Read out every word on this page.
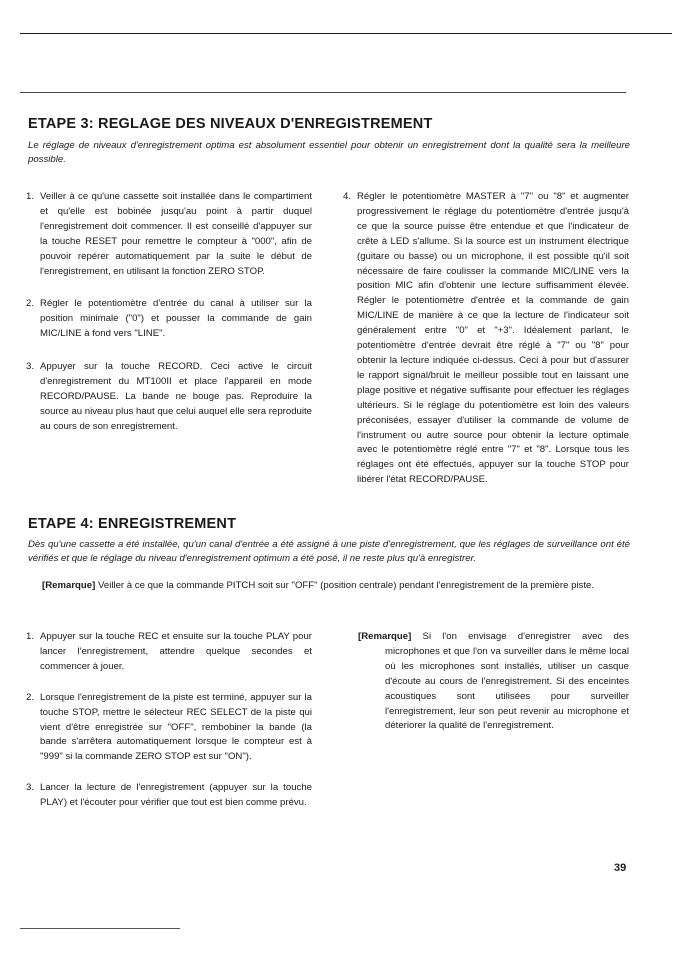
ETAPE 3: REGLAGE DES NIVEAUX D'ENREGISTREMENT

Le réglage de niveaux d'enregistrement optima est absolument essentiel pour obtenir un enregistrement dont la qualité sera la meilleure possible.

1. Veiller à ce qu'une cassette soit installée dans le compartiment et qu'elle est bobinée jusqu'au point à partir duquel l'enregistrement doit commencer. Il est conseillé d'appuyer sur la touche RESET pour remettre le compteur à "000", afin de pouvoir repérer automatiquement par la suite le début de l'enregistrement, en utilisant la fonction ZERO STOP.
2. Régler le potentiomètre d'entrée du canal à utiliser sur la position minimale ("0") et pousser la commande de gain MIC/LINE à fond vers "LINE".
3. Appuyer sur la touche RECORD. Ceci active le circuit d'enregistrement du MT100II et place l'appareil en mode RECORD/PAUSE. La bande ne bouge pas. Reproduire la source au niveau plus haut que celui auquel elle sera reproduite au cours de son enregistrement.
4. Régler le potentiomètre MASTER à "7" ou "8" et augmenter progressivement le réglage du potentiomètre d'entrée jusqu'à ce que la source puisse être entendue et que l'indicateur de crête à LED s'allume. Si la source est un instrument électrique (guitare ou basse) ou un microphone, il est possible qu'il soit nécessaire de faire coulisser la commande MIC/LINE vers la position MIC afin d'obtenir une lecture suffisamment élevée. Régler le potentiomètre d'entrée et la commande de gain MIC/LINE de manière à ce que la lecture de l'indicateur soit généralement entre "0" et "+3". Idéalement parlant, le potentiomètre d'entrée devrait être réglé à "7" ou "8" pour obtenir la lecture indiquée ci-dessus. Ceci à pour but d'assurer le rapport signal/bruit le meilleur possible tout en laissant une plage positive et négative suffisante pour effectuer les réglages ultérieurs. Si le réglage du potentiomètre est loin des valeurs préconisées, essayer d'utiliser la commande de volume de l'instrument ou autre source pour obtenir la lecture optimale avec le potentiomètre réglé entre "7" et "8". Lorsque tous les réglages ont été effectués, appuyer sur la touche STOP pour libérer l'état RECORD/PAUSE.
ETAPE 4: ENREGISTREMENT

Dès qu'une cassette a été installée, qu'un canal d'entrée a été assigné à une piste d'enregistrement, que les réglages de surveillance ont été vérifiés et que le réglage du niveau d'enregistrement optimum a été posé, il ne reste plus qu'à enregistrer.

[Remarque] Veiller à ce que la commande PITCH soit sur "OFF" (position centrale) pendant l'enregistrement de la première piste.

1. Appuyer sur la touche REC et ensuite sur la touche PLAY pour lancer l'enregistrement, attendre quelque secondes et commencer à jouer.
2. Lorsque l'enregistrement de la piste est terminé, appuyer sur la touche STOP, mettre le sélecteur REC SELECT de la piste qui vient d'être enregistrée sur "OFF", rembobiner la bande (la bande s'arrêtera automatiquement lorsque le compteur est à "999" si la commande ZERO STOP est sur "ON").
3. Lancer la lecture de l'enregistrement (appuyer sur la touche PLAY) et l'écouter pour vérifier que tout est bien comme prévu.

[Remarque] Si l'on envisage d'enregistrer avec des microphones et que l'on va surveiller dans le même local où les microphones sont installés, utiliser un casque d'écoute au cours de l'enregistrement. Si des enceintes acoustiques sont utilisées pour surveiller l'enregistrement, leur son peut revenir au microphone et déteriorer la qualité de l'enregistrement.

39
